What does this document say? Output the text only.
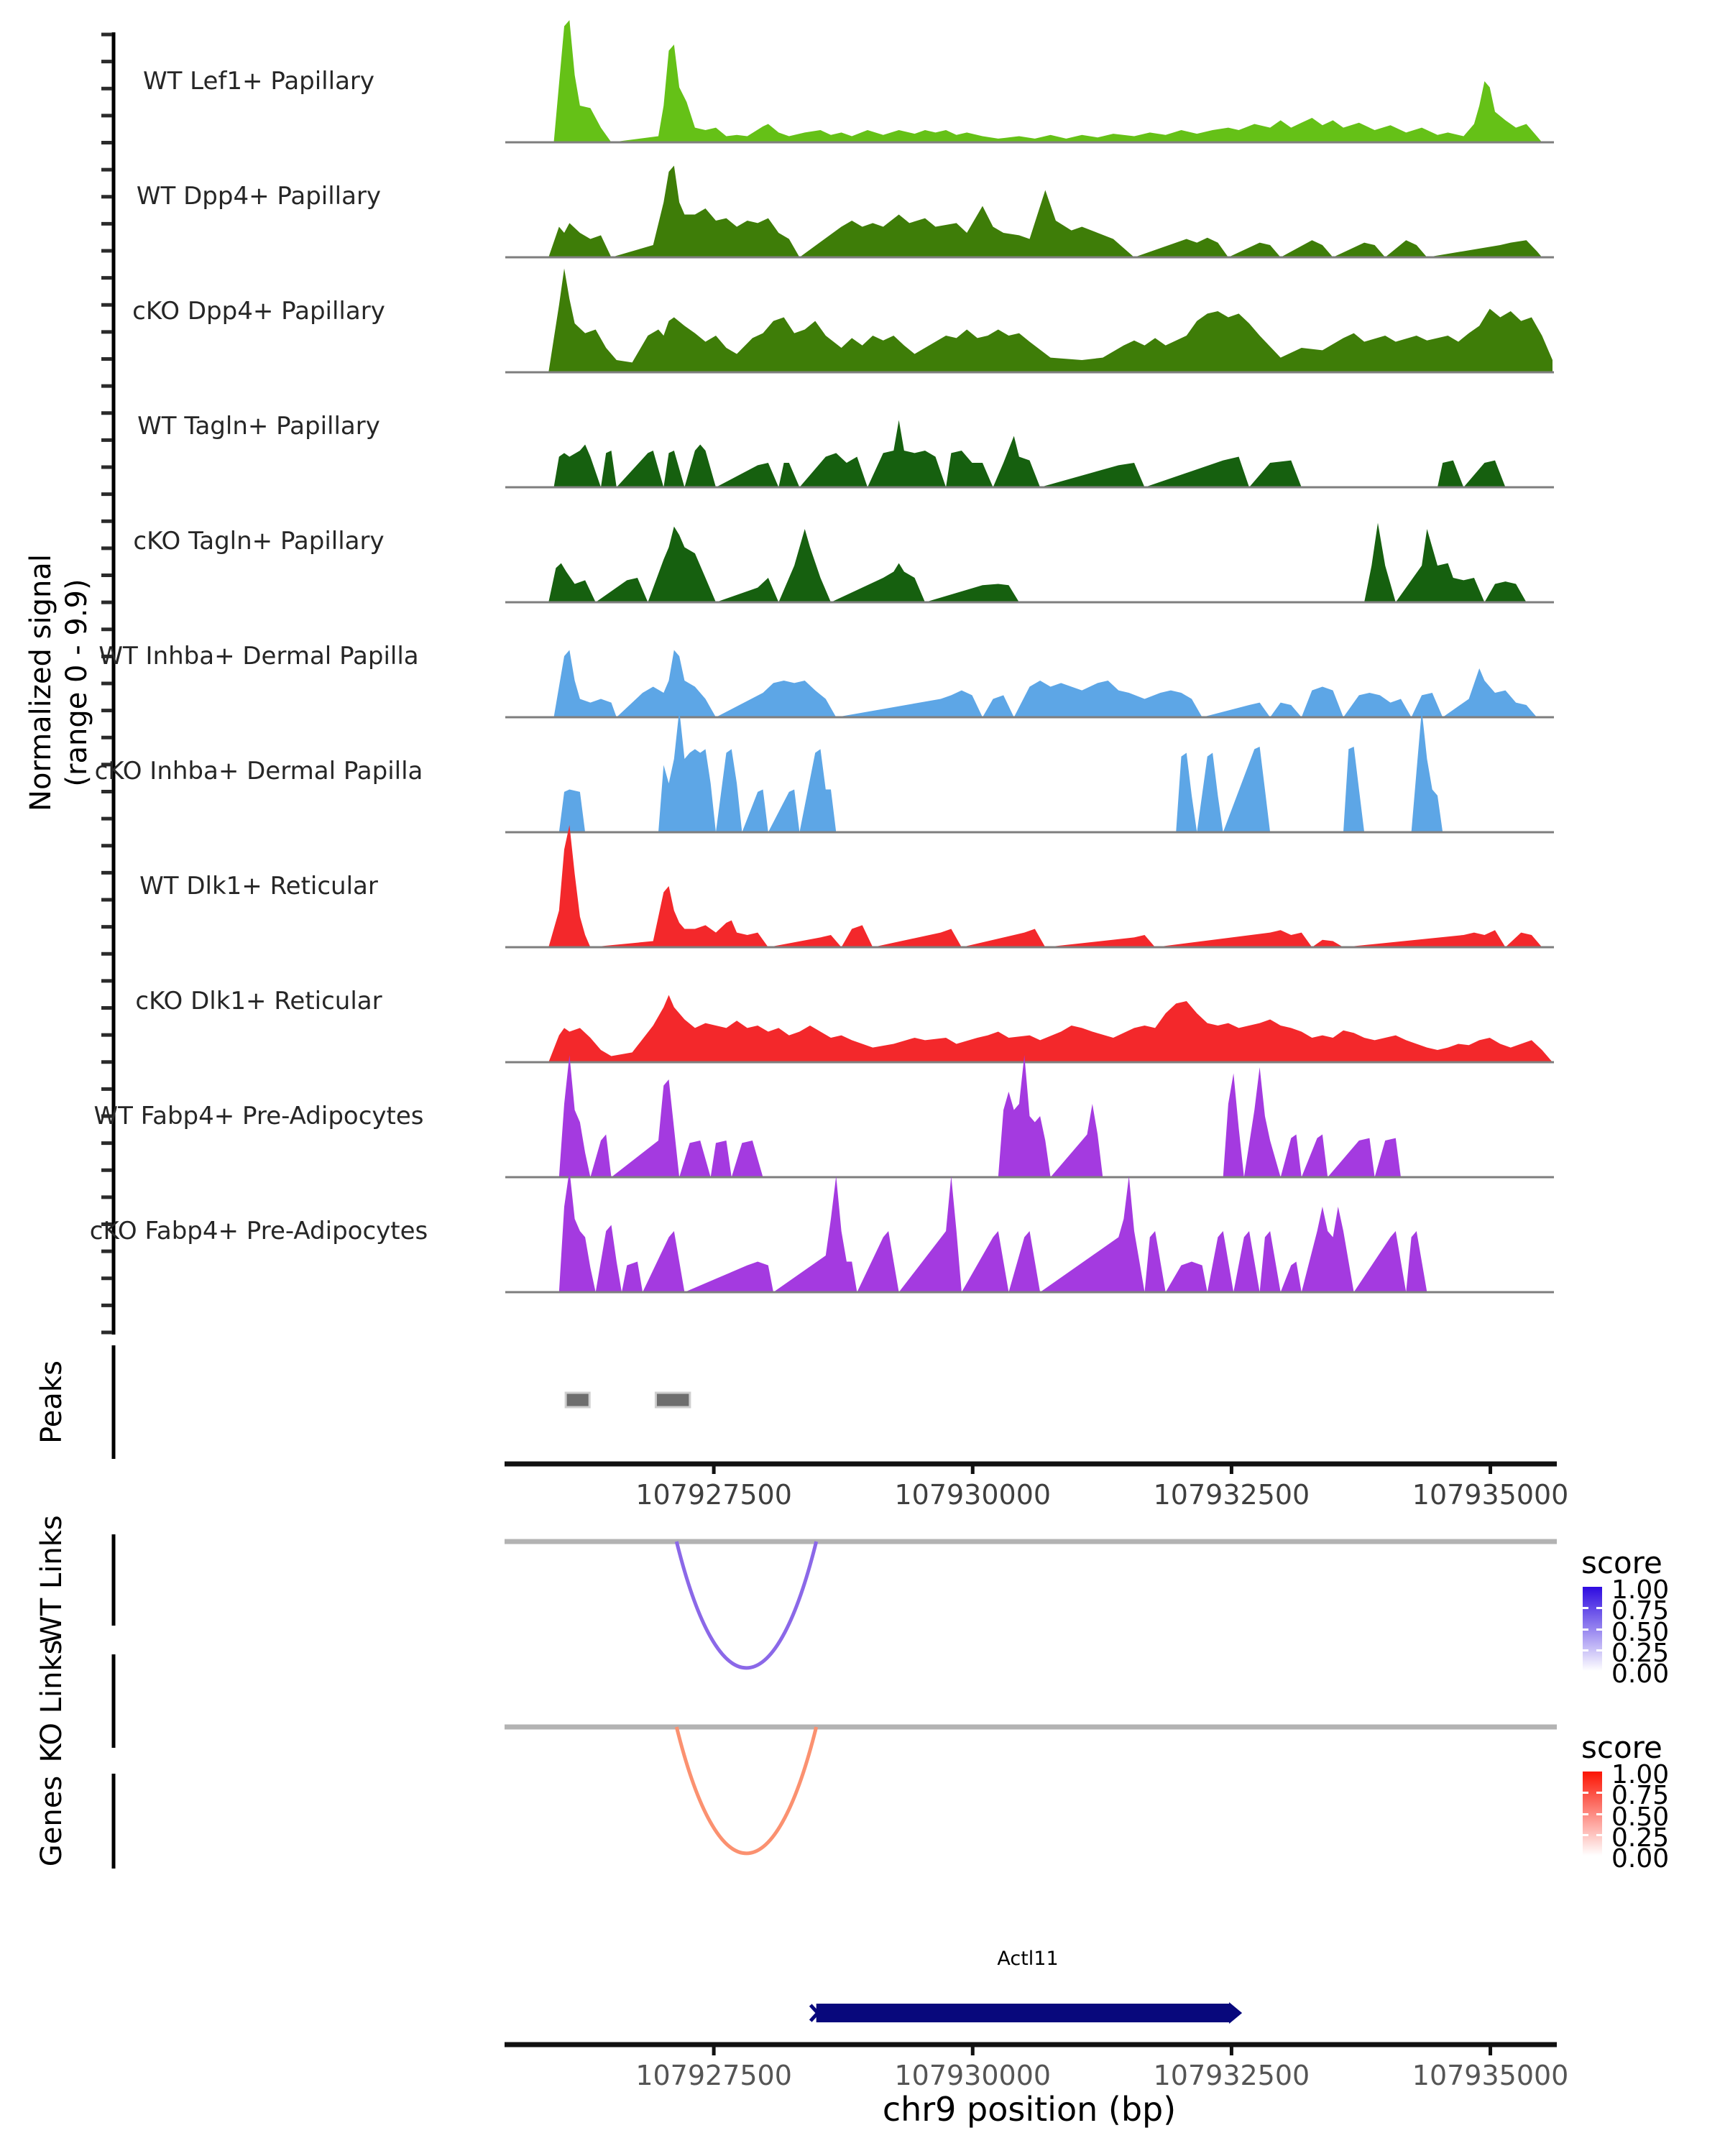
Normalized signal (range 0 - 9.9)
Peaks
WT Links
KO Links
Genes
WT Lef1+ Papillary
WT Dpp4+ Papillary
cKO Dpp4+ Papillary
WT Tagln+ Papillary
cKO Tagln+ Papillary
WT Inhba+ Dermal Papilla
cKO Inhba+ Dermal Papilla
WT Dlk1+ Reticular
cKO Dlk1+ Reticular
WT Fabp4+ Pre-Adipocytes
cKO Fabp4+ Pre-Adipocytes
107927500	107930000	107932500	107935000
score
1.00
0.75
0.50
0.25
0.00
score
1.00
0.75
0.50
0.25
0.00
Actl11
107927500	107930000	107932500	107935000
chr9 position (bp)
